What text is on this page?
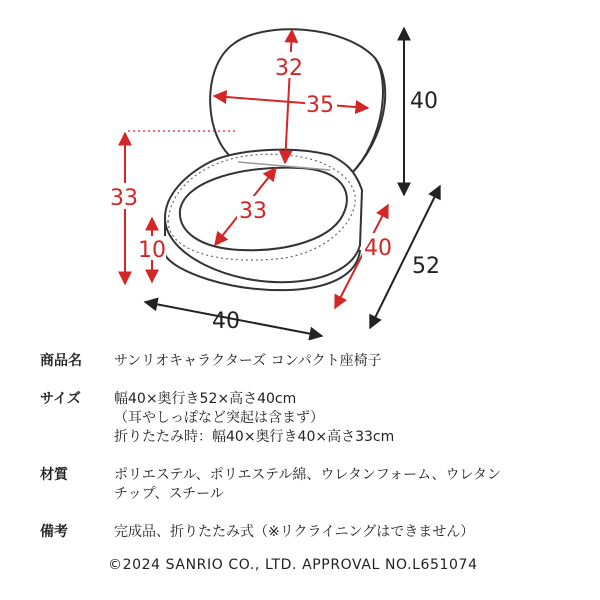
32
35	40
33
33
10	40
52
40
商品名	サンリオキャラクターズ コンパクト座椅子
サイズ	幅40×奥行き52×高さ40cm
（耳やしっぽなど突起は含まず）
折りたたみ時：幅40×奥行き40×高さ33cm
材質	ポリエステル、ポリエステル綿、ウレタンフォーム、ウレタン
チップ、スチール
備考	完成品、折りたたみ式（※リクライニングはできません）
©2024 SANRIO CO., LTD. APPROVAL NO.L651074
